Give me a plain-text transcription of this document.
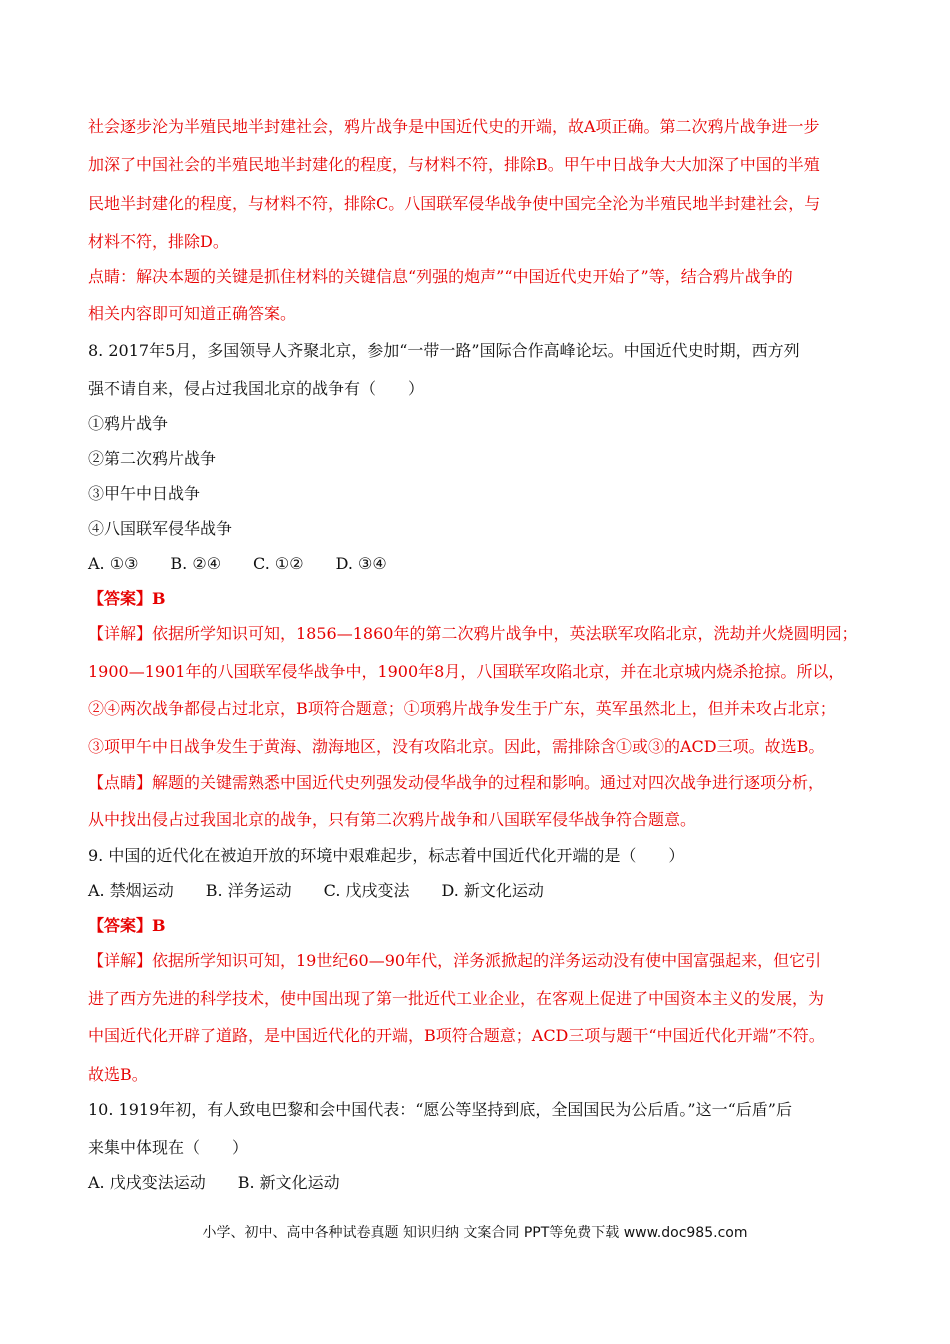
社会逐步沦为半殖民地半封建社会，鸦片战争是中国近代史的开端，故A项正确。第二次鸦片战争进一步
加深了中国社会的半殖民地半封建化的程度，与材料不符，排除B。甲午中日战争大大加深了中国的半殖
民地半封建化的程度，与材料不符，排除C。八国联军侵华战争使中国完全沦为半殖民地半封建社会，与
材料不符，排除D。
点睛：解决本题的关键是抓住材料的关键信息“列强的炮声”“中国近代史开始了”等，结合鸦片战争的
相关内容即可知道正确答案。
8. 2017年5月，多国领导人齐聚北京，参加“一带一路”国际合作高峰论坛。中国近代史时期，西方列
强不请自来，侵占过我国北京的战争有（　　）
①鸦片战争
②第二次鸦片战争
③甲午中日战争
④八国联军侵华战争
A. ①③　　B. ②④　　C. ①②　　D. ③④
【答案】B
【详解】依据所学知识可知，1856—1860年的第二次鸦片战争中，英法联军攻陷北京，洗劫并火烧圆明园；
1900—1901年的八国联军侵华战争中，1900年8月，八国联军攻陷北京，并在北京城内烧杀抢掠。所以，
②④两次战争都侵占过北京，B项符合题意；①项鸦片战争发生于广东，英军虽然北上，但并未攻占北京；
③项甲午中日战争发生于黄海、渤海地区，没有攻陷北京。因此，需排除含①或③的ACD三项。故选B。
【点睛】解题的关键需熟悉中国近代史列强发动侵华战争的过程和影响。通过对四次战争进行逐项分析，
从中找出侵占过我国北京的战争，只有第二次鸦片战争和八国联军侵华战争符合题意。
9. 中国的近代化在被迫开放的环境中艰难起步，标志着中国近代化开端的是（　　）
A. 禁烟运动　　B. 洋务运动　　C. 戊戌变法　　D. 新文化运动
【答案】B
【详解】依据所学知识可知，19世纪60—90年代，洋务派掀起的洋务运动没有使中国富强起来，但它引
进了西方先进的科学技术，使中国出现了第一批近代工业企业，在客观上促进了中国资本主义的发展，为
中国近代化开辟了道路，是中国近代化的开端，B项符合题意；ACD三项与题干“中国近代化开端”不符。
故选B。
10. 1919年初，有人致电巴黎和会中国代表：“愿公等坚持到底，全国国民为公后盾。”这一“后盾”后
来集中体现在（　　）
A. 戊戌变法运动　　B. 新文化运动
小学、初中、高中各种试卷真题 知识归纳 文案合同 PPT等免费下载 www.doc985.com
